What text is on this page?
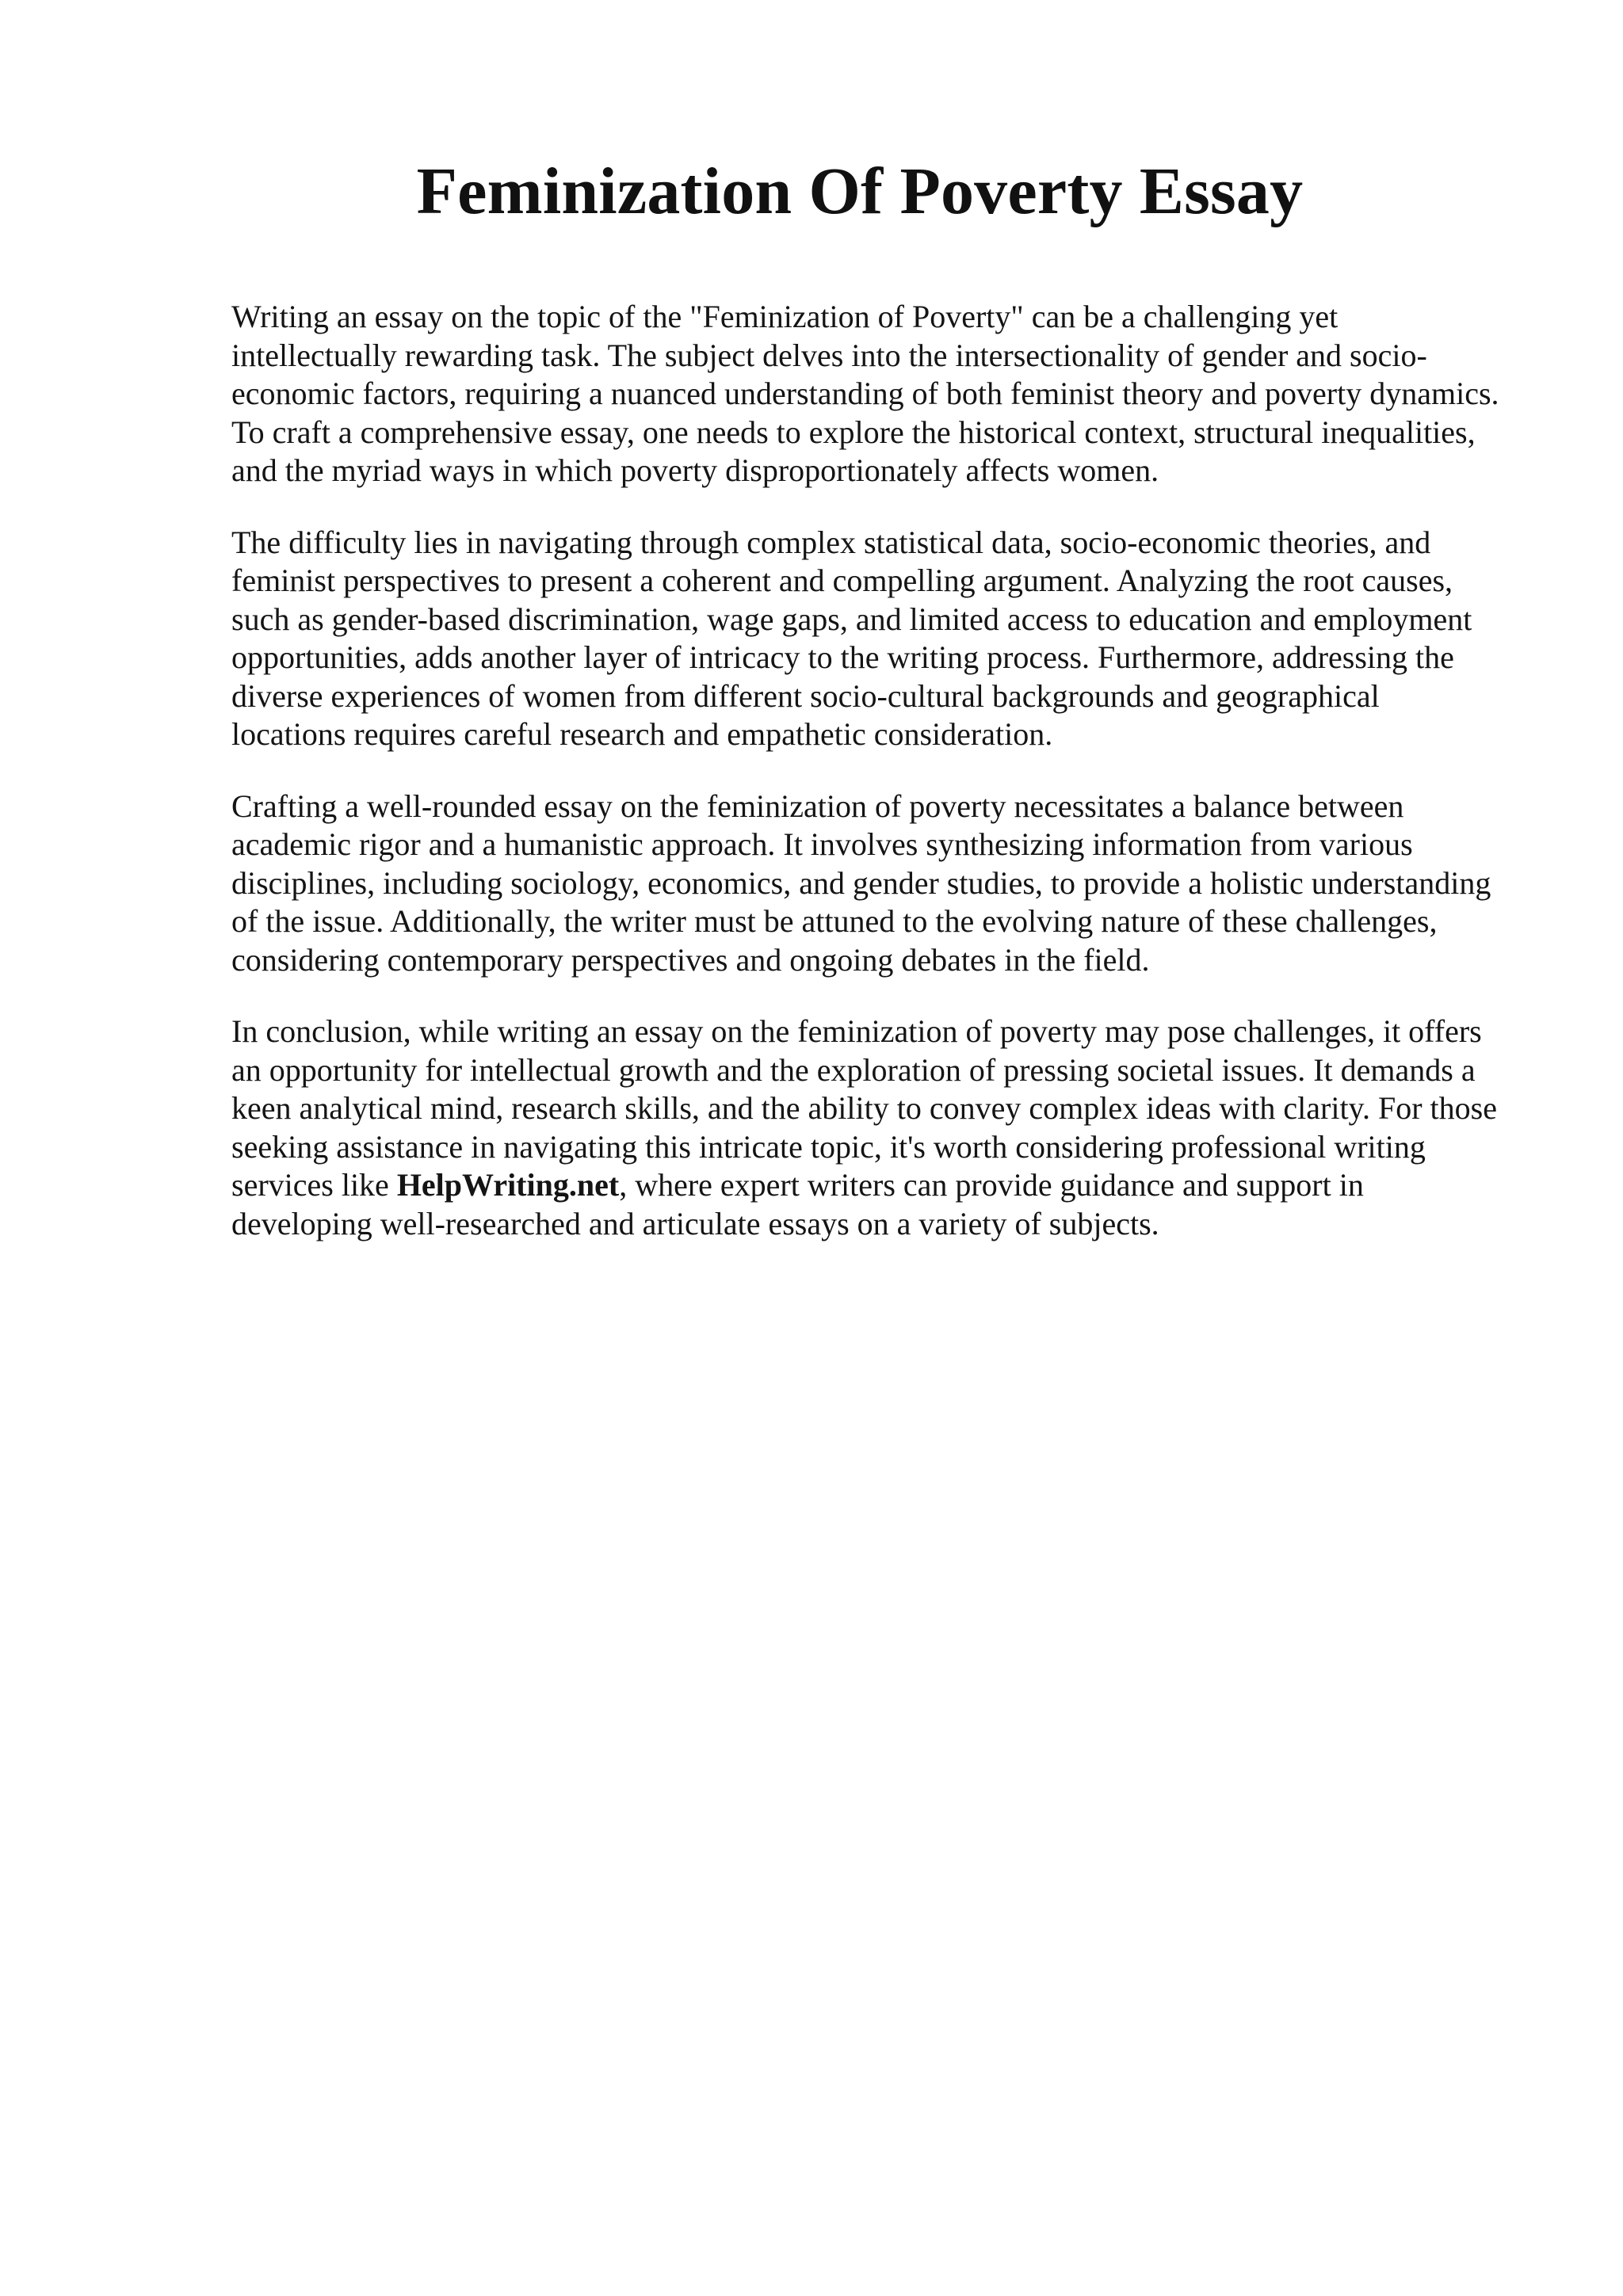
Feminization Of Poverty Essay

Writing an essay on the topic of the "Feminization of Poverty" can be a challenging yet intellectually rewarding task. The subject delves into the intersectionality of gender and socio-economic factors, requiring a nuanced understanding of both feminist theory and poverty dynamics. To craft a comprehensive essay, one needs to explore the historical context, structural inequalities, and the myriad ways in which poverty disproportionately affects women.

The difficulty lies in navigating through complex statistical data, socio-economic theories, and feminist perspectives to present a coherent and compelling argument. Analyzing the root causes, such as gender-based discrimination, wage gaps, and limited access to education and employment opportunities, adds another layer of intricacy to the writing process. Furthermore, addressing the diverse experiences of women from different socio-cultural backgrounds and geographical locations requires careful research and empathetic consideration.

Crafting a well-rounded essay on the feminization of poverty necessitates a balance between academic rigor and a humanistic approach. It involves synthesizing information from various disciplines, including sociology, economics, and gender studies, to provide a holistic understanding of the issue. Additionally, the writer must be attuned to the evolving nature of these challenges, considering contemporary perspectives and ongoing debates in the field.

In conclusion, while writing an essay on the feminization of poverty may pose challenges, it offers an opportunity for intellectual growth and the exploration of pressing societal issues. It demands a keen analytical mind, research skills, and the ability to convey complex ideas with clarity. For those seeking assistance in navigating this intricate topic, it's worth considering professional writing services like HelpWriting.net, where expert writers can provide guidance and support in developing well-researched and articulate essays on a variety of subjects.
